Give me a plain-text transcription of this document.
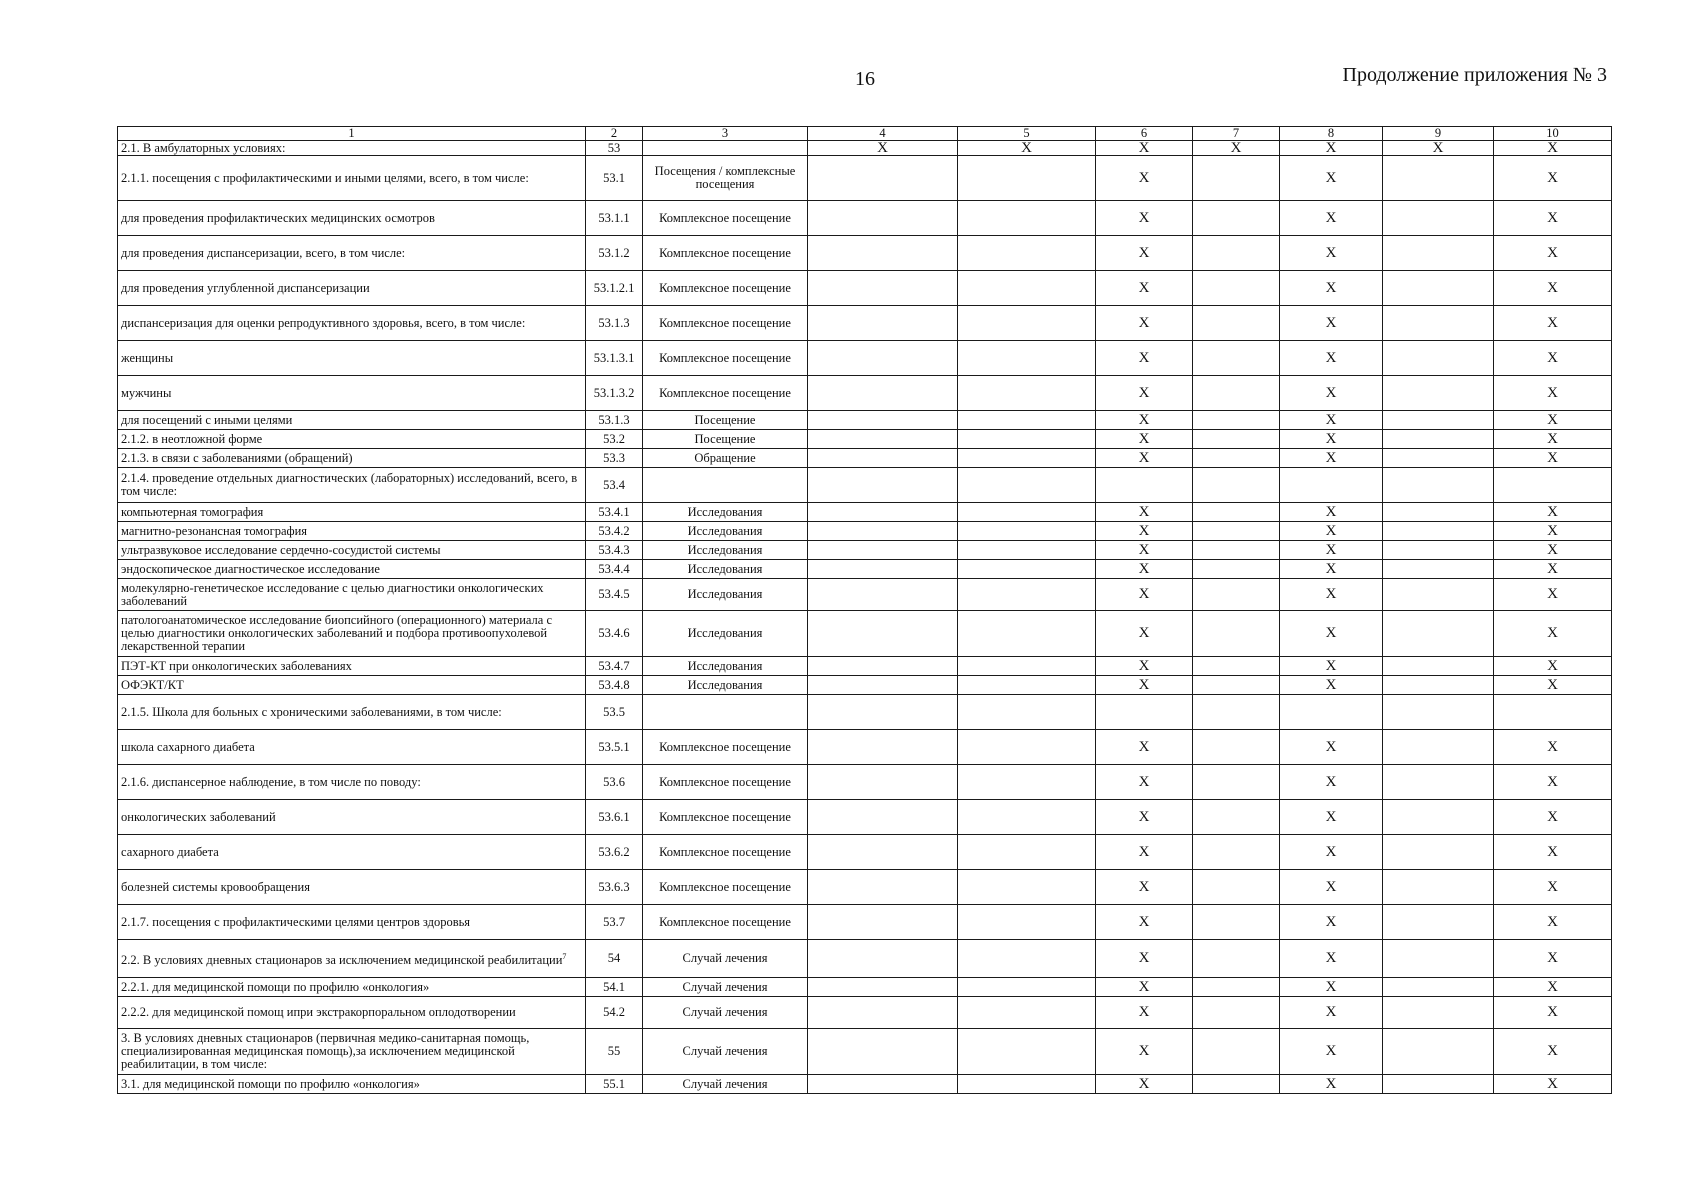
16	Продолжение приложения № 3
1	2	3	4	5	6	7	8	9	10
2.1. В амбулаторных условиях:	53		X	X	X	X	X	X	X
2.1.1. посещения с профилактическими и иными целями, всего, в том числе:	53.1	Посещения / комплексные посещения			X		X		X
для проведения профилактических медицинских осмотров	53.1.1	Комплексное посещение			X		X		X
для проведения диспансеризации, всего, в том числе:	53.1.2	Комплексное посещение			X		X		X
для проведения углубленной диспансеризации	53.1.2.1	Комплексное посещение			X		X		X
диспансеризация для оценки репродуктивного здоровья, всего, в том числе:	53.1.3	Комплексное посещение			X		X		X
женщины	53.1.3.1	Комплексное посещение			X		X		X
мужчины	53.1.3.2	Комплексное посещение			X		X		X
для посещений с иными целями	53.1.3	Посещение			X		X		X
2.1.2. в неотложной форме	53.2	Посещение			X		X		X
2.1.3. в связи с заболеваниями (обращений)	53.3	Обращение			X		X		X
2.1.4. проведение отдельных диагностических (лабораторных) исследований, всего, в том числе:	53.4								
компьютерная томография	53.4.1	Исследования			X		X		X
магнитно-резонансная томография	53.4.2	Исследования			X		X		X
ультразвуковое исследование сердечно-сосудистой системы	53.4.3	Исследования			X		X		X
эндоскопическое диагностическое исследование	53.4.4	Исследования			X		X		X
молекулярно-генетическое исследование с целью диагностики онкологических заболеваний	53.4.5	Исследования			X		X		X
патологоанатомическое исследование биопсийного (операционного) материала с целью диагностики онкологических заболеваний и подбора противоопухолевой лекарственной терапии	53.4.6	Исследования			X		X		X
ПЭТ-КТ при онкологических заболеваниях	53.4.7	Исследования			X		X		X
ОФЭКТ/КТ	53.4.8	Исследования			X		X		X
2.1.5. Школа для больных с хроническими заболеваниями, в том числе:	53.5								
школа сахарного диабета	53.5.1	Комплексное посещение			X		X		X
2.1.6. диспансерное наблюдение, в том числе по поводу:	53.6	Комплексное посещение			X		X		X
онкологических заболеваний	53.6.1	Комплексное посещение			X		X		X
сахарного диабета	53.6.2	Комплексное посещение			X		X		X
болезней системы кровообращения	53.6.3	Комплексное посещение			X		X		X
2.1.7. посещения с профилактическими целями центров здоровья	53.7	Комплексное посещение			X		X		X
2.2. В условиях дневных стационаров за исключением медицинской реабилитации$^7$	54	Случай лечения			X		X		X
2.2.1. для медицинской помощи по профилю «онкология»	54.1	Случай лечения			X		X		X
2.2.2. для медицинской помощ ипри экстракорпоральном оплодотворении	54.2	Случай лечения			X		X		X
3. В условиях дневных стационаров (первичная медико-санитарная помощь, специализированная медицинская помощь),за исключением медицинской реабилитации, в том числе:	55	Случай лечения			X		X		X
3.1. для медицинской помощи по профилю «онкология»	55.1	Случай лечения			X		X		X
